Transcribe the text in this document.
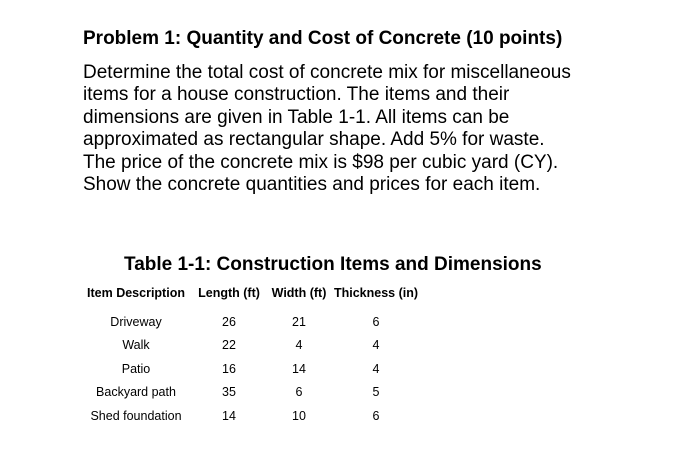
Problem 1: Quantity and Cost of Concrete (10 points)
Determine the total cost of concrete mix for miscellaneous
items for a house construction. The items and their
dimensions are given in Table 1-1. All items can be
approximated as rectangular shape. Add 5% for waste.
The price of the concrete mix is $98 per cubic yard (CY).
Show the concrete quantities and prices for each item.
Table 1-1: Construction Items and Dimensions
Item Description	Length (ft)	Width (ft)	Thickness (in)
Driveway	26	21	6
Walk	22	4	4
Patio	16	14	4
Backyard path	35	6	5
Shed foundation	14	10	6
